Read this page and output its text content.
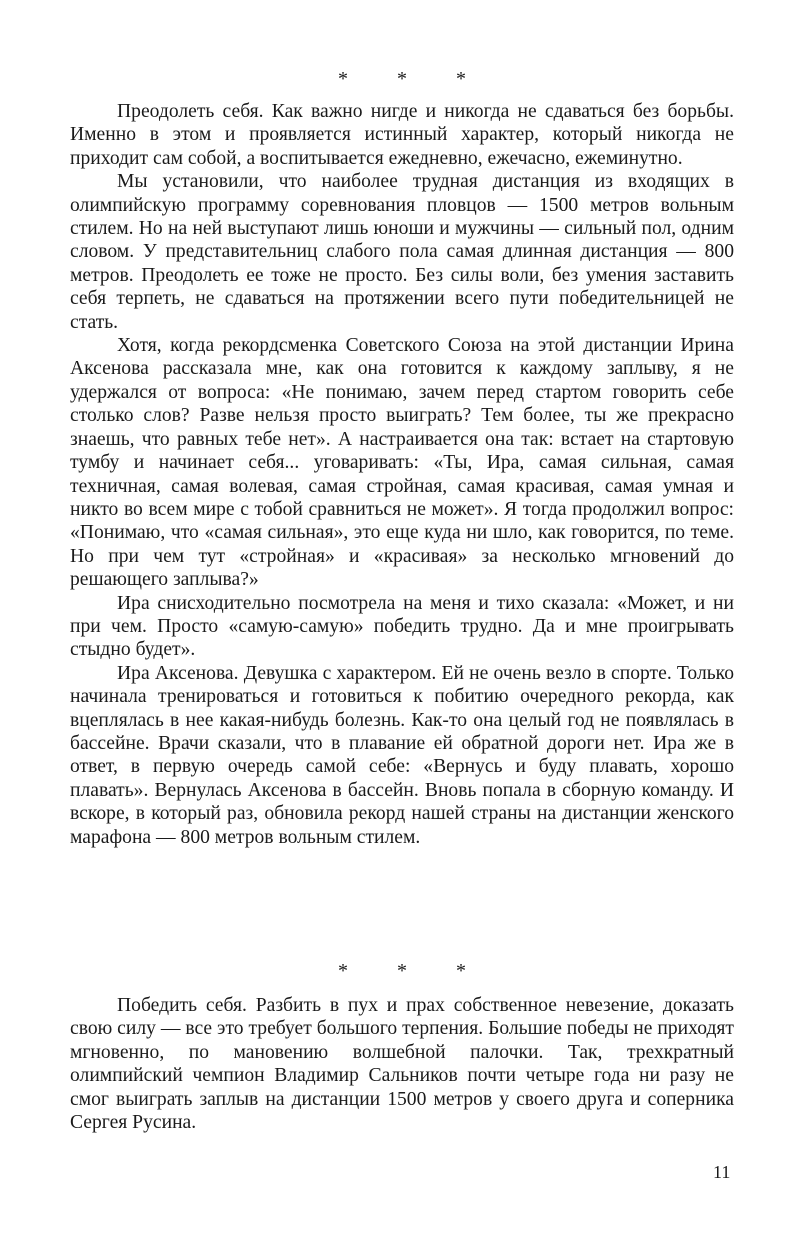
* * *

Преодолеть себя. Как важно нигде и никогда не сдаваться без борьбы. Именно в этом и проявляется истинный характер, который никогда не приходит сам собой, а воспитывается ежедневно, ежечасно, ежеминутно.

Мы установили, что наиболее трудная дистанция из входящих в олимпийскую программу соревнования пловцов — 1500 метров вольным стилем. Но на ней выступают лишь юноши и мужчины — сильный пол, одним словом. У представительниц слабого пола самая длинная дистанция — 800 метров. Преодолеть ее тоже не просто. Без силы воли, без умения заставить себя терпеть, не сдаваться на протяжении всего пути победительницей не стать.

Хотя, когда рекордсменка Советского Союза на этой дистанции Ирина Аксенова рассказала мне, как она готовится к каждому заплыву, я не удержался от вопроса: «Не понимаю, зачем перед стартом говорить себе столько слов? Разве нельзя просто выиграть? Тем более, ты же прекрасно знаешь, что равных тебе нет». А настраивается она так: встает на стартовую тумбу и начинает себя... уговаривать: «Ты, Ира, самая сильная, самая техничная, самая волевая, самая стройная, самая красивая, самая умная и никто во всем мире с тобой сравниться не может». Я тогда продолжил вопрос: «Понимаю, что «самая сильная», это еще куда ни шло, как говорится, по теме. Но при чем тут «стройная» и «красивая» за несколько мгновений до решающего заплыва?»

Ира снисходительно посмотрела на меня и тихо сказала: «Может, и ни при чем. Просто «самую-самую» победить трудно. Да и мне проигрывать стыдно будет».

Ира Аксенова. Девушка с характером. Ей не очень везло в спорте. Только начинала тренироваться и готовиться к побитию очередного рекорда, как вцеплялась в нее какая-нибудь болезнь. Как-то она целый год не появлялась в бассейне. Врачи сказали, что в плавание ей обратной дороги нет. Ира же в ответ, в первую очередь самой себе: «Вернусь и буду плавать, хорошо плавать». Вернулась Аксенова в бассейн. Вновь попала в сборную команду. И вскоре, в который раз, обновила рекорд нашей страны на дистанции женского марафона — 800 метров вольным стилем.

* * *

Победить себя. Разбить в пух и прах собственное невезение, доказать свою силу — все это требует большого терпения. Большие победы не приходят мгновенно, по мановению волшебной палочки. Так, трехкратный олимпийский чемпион Владимир Сальников почти четыре года ни разу не смог выиграть заплыв на дистанции 1500 метров у своего друга и соперника Сергея Русина.

11
